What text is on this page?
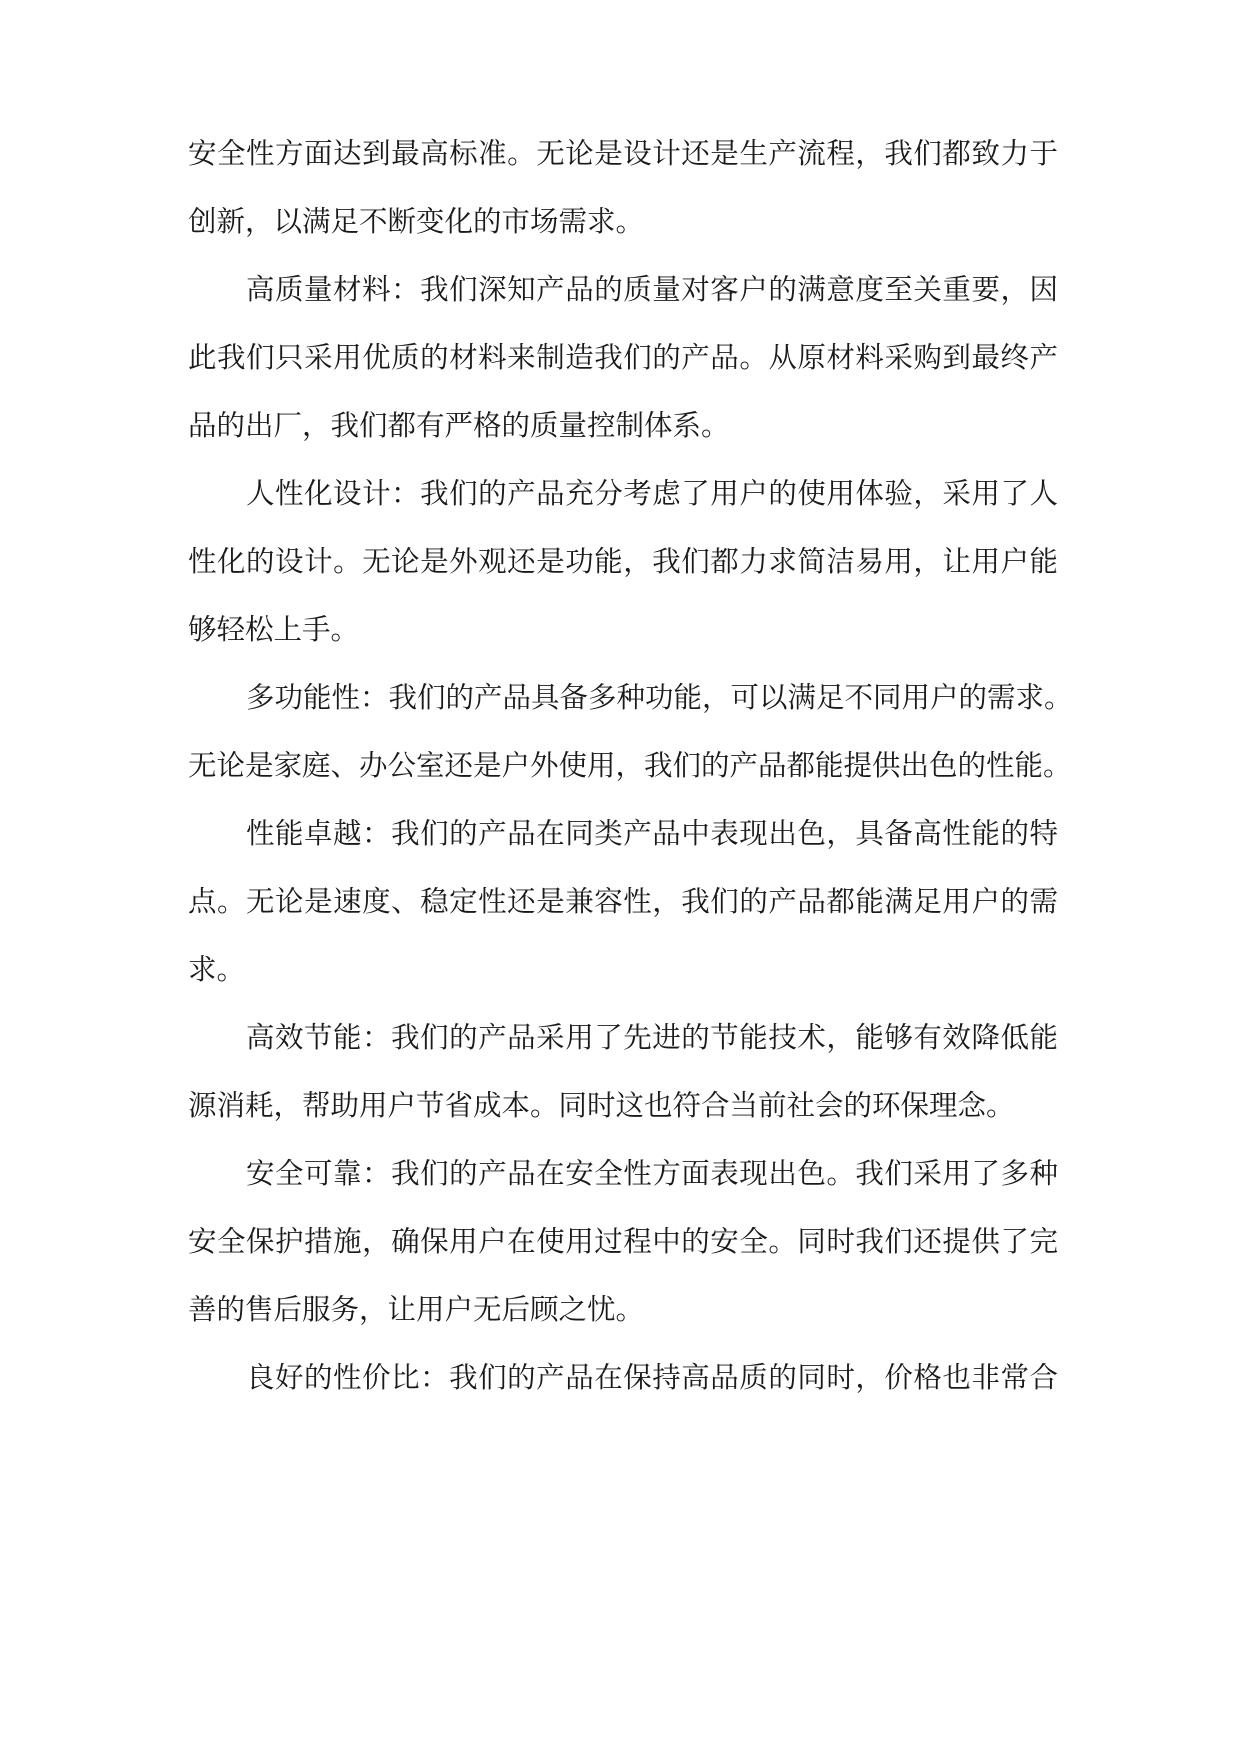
安全性方面达到最高标准。无论是设计还是生产流程，我们都致力于
创新，以满足不断变化的市场需求。
高质量材料：我们深知产品的质量对客户的满意度至关重要，因
此我们只采用优质的材料来制造我们的产品。从原材料采购到最终产
品的出厂，我们都有严格的质量控制体系。
人性化设计：我们的产品充分考虑了用户的使用体验，采用了人
性化的设计。无论是外观还是功能，我们都力求简洁易用，让用户能
够轻松上手。
多功能性：我们的产品具备多种功能，可以满足不同用户的需求。
无论是家庭、办公室还是户外使用，我们的产品都能提供出色的性能。
性能卓越：我们的产品在同类产品中表现出色，具备高性能的特
点。无论是速度、稳定性还是兼容性，我们的产品都能满足用户的需
求。
高效节能：我们的产品采用了先进的节能技术，能够有效降低能
源消耗，帮助用户节省成本。同时这也符合当前社会的环保理念。
安全可靠：我们的产品在安全性方面表现出色。我们采用了多种
安全保护措施，确保用户在使用过程中的安全。同时我们还提供了完
善的售后服务，让用户无后顾之忧。
良好的性价比：我们的产品在保持高品质的同时，价格也非常合
